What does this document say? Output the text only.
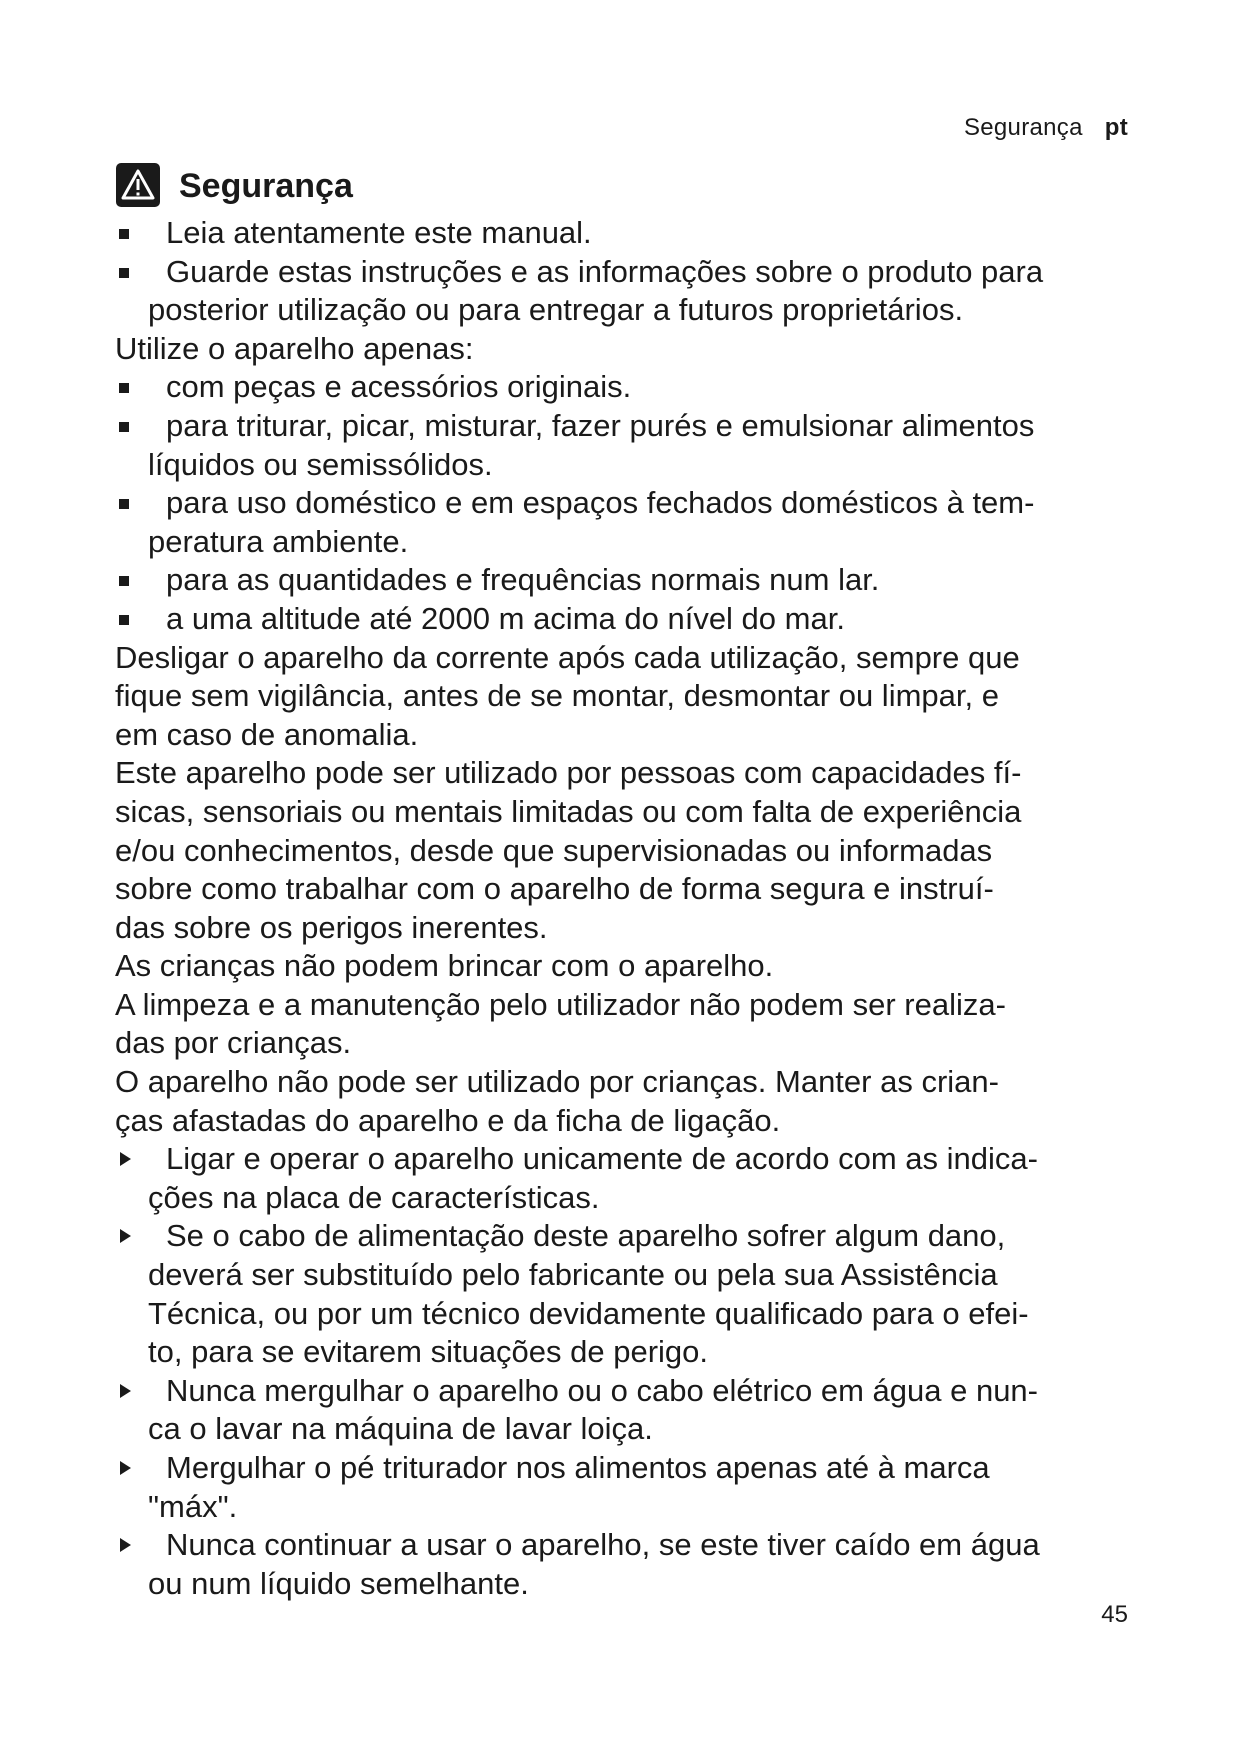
Segurança pt
Segurança

Leia atentamente este manual.

Guarde estas instruções e as informações sobre o produto para
posterior utilização ou para entregar a futuros proprietários.
Utilize o aparelho apenas:

com peças e acessórios originais.

para triturar, picar, misturar, fazer purés e emulsionar alimentos
líquidos ou semissólidos.

para uso doméstico e em espaços fechados domésticos à tem-
peratura ambiente.

para as quantidades e frequências normais num lar.

a uma altitude até 2000 m acima do nível do mar.
Desligar o aparelho da corrente após cada utilização, sempre que
fique sem vigilância, antes de se montar, desmontar ou limpar, e
em caso de anomalia.
Este aparelho pode ser utilizado por pessoas com capacidades fí-
sicas, sensoriais ou mentais limitadas ou com falta de experiência
e/ou conhecimentos, desde que supervisionadas ou informadas
sobre como trabalhar com o aparelho de forma segura e instruí-
das sobre os perigos inerentes.
As crianças não podem brincar com o aparelho.
A limpeza e a manutenção pelo utilizador não podem ser realiza-
das por crianças.
O aparelho não pode ser utilizado por crianças. Manter as crian-
ças afastadas do aparelho e da ficha de ligação.

Ligar e operar o aparelho unicamente de acordo com as indica-
ções na placa de características.

Se o cabo de alimentação deste aparelho sofrer algum dano,
deverá ser substituído pelo fabricante ou pela sua Assistência
Técnica, ou por um técnico devidamente qualificado para o efei-
to, para se evitarem situações de perigo.

Nunca mergulhar o aparelho ou o cabo elétrico em água e nun-
ca o lavar na máquina de lavar loiça.

Mergulhar o pé triturador nos alimentos apenas até à marca
"máx".

Nunca continuar a usar o aparelho, se este tiver caído em água
ou num líquido semelhante.
45
